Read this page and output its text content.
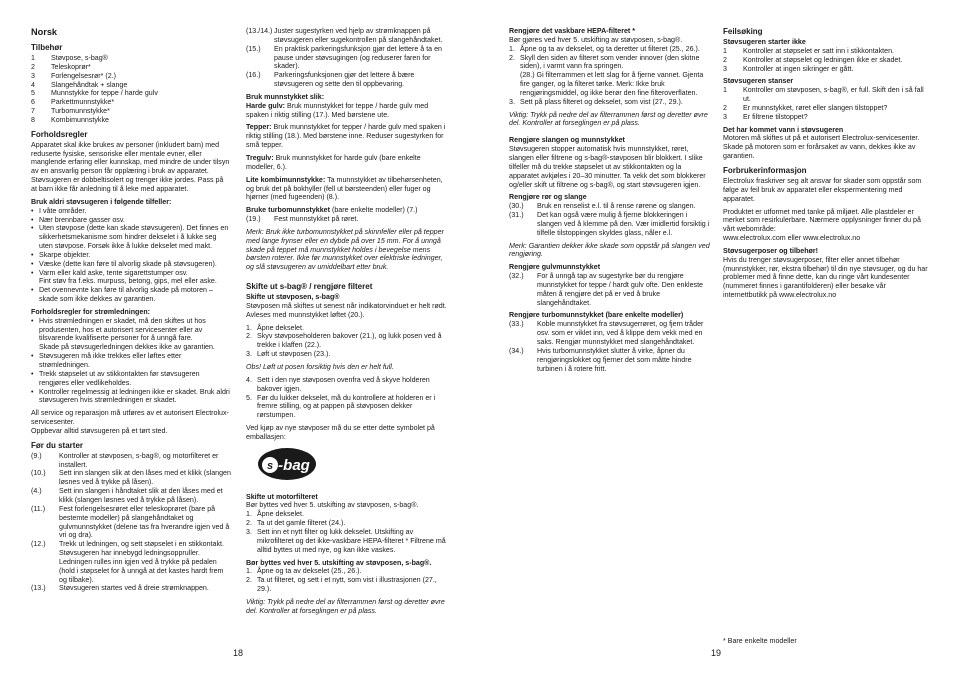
Norsk
Tilbehør
1	Støvpose, s-bag®
2	Teleskoprør*
3	Forlengelsesrør* (2.)
4	Slangehåndtak + slange
5	Munnstykke for teppe / harde gulv
6	Parkettmunnstykke*
7	Turbomunnstykke*
8	Kombimunnstykke
Forholdsregler

Apparatet skal ikke brukes av personer (inkludert barn) med reduserte fysiske, sensoriske eller mentale evner, eller manglende erfaring eller kunnskap, med mindre de under tilsyn av en ansvarlig person får opplæring i bruk av apparatet. Støvsugeren er dobbeltisolert og trenger ikke jordes. Pass på at barn ikke får anledning til å leke med apparatet.

Bruk aldri støvsugeren i følgende tilfeller:
• I våte områder.
• Nær brennbare gasser osv.
• Uten støvpose (dette kan skade støvsugeren). Det finnes en sikkerhetsmekanisme som hindrer dekselet i å lukke seg uten støvpose. Forsøk ikke å lukke dekselet med makt.
• Skarpe objekter.
• Væske (dette kan føre til alvorlig skade på støvsugeren).
• Varm eller kald aske, tente sigarettstumper osv.
Fint støv fra f.eks. murpuss, betong, gips, mel eller aske.
• Det ovennevnte kan føre til alvorlig skade på motoren – skade som ikke dekkes av garantien.
Forholdsregler for strømledningen:
• Hvis strømledningen er skadet, må den skiftes ut hos produsenten, hos et autorisert servicesenter eller av tilsvarende kvalifiserte personer for å unngå fare.
Skade på støvsugerledningen dekkes ikke av garantien.
• Støvsugeren må ikke trekkes eller løftes etter strømledningen.
• Trekk støpselet ut av stikkontakten før støvsugeren rengjøres eller vedlikeholdes.
• Kontroller regelmessig at ledningen ikke er skadet. Bruk aldri støvsugeren hvis strømledningen er skadet.

All service og reparasjon må utføres av et autorisert Electrolux-servicesenter.

Oppbevar alltid støvsugeren på et tørt sted.

Før du starter
(9.)	Kontroller at støvposen, s-bag®, og motorfilteret er installert.
(10.)	Sett inn slangen slik at den låses med et klikk (slangen løsnes ved å trykke på låsen).
(4.)	Sett inn slangen i håndtaket slik at den låses med et klikk (slangen løsnes ved å trykke på låsen).
(11.)	Fest forlengelsesrøret eller teleskoprøret (bare på bestemte modeller) på slangehåndtaket og gulvmunnstykket (delene tas fra hverandre igjen ved å vri og dra).
(12.)	Trekk ut ledningen, og sett støpselet i en stikkontakt. Støvsugeren har innebygd ledningsoppruller. Ledningen rulles inn igjen ved å trykke på pedalen (hold i støpselet for å unngå at det kastes hardt frem og tilbake).
(13.)	Støvsugeren startes ved å dreie strømknappen.
(13./14.) Juster sugestyrken ved hjelp av strømknappen på støvsugeren eller sugekontrollen på slangehåndtaket.
(15.)	En praktisk parkeringsfunksjon gjør det lettere å ta en pause under støvsugingen (og reduserer faren for skader).
(16.)	Parkeringsfunksjonen gjør det lettere å bære støvsugeren og sette den til oppbevaring.
Bruk munnstykket slik:

Harde gulv: Bruk munnstykket for teppe / harde gulv med spaken i riktig stilling (17.). Med børstene ute.

Tepper: Bruk munnstykket for tepper / harde gulv med spaken i riktig stilling (18.). Med børstene inne. Reduser sugestyrken for små tepper.

Tregulv: Bruk munnstykket for harde gulv (bare enkelte modeller, 6.).

Lite kombimunnstykke: Ta munnstykket av tilbehørsenheten, og bruk det på bokhyller (fell ut børsteenden) eller fuger og hjørner (med fugeenden) (8.).

Bruke turbomunnstykket (bare enkelte modeller) (7.)

(19.)	Fest munnstykket på røret.

Merk: Bruk ikke turbomunnstykket på skinnfeller eller på tepper med lange frynser eller en dybde på over 15 mm. For å unngå skade på teppet må munnstykket holdes i bevegelse mens børsten roterer. Ikke før munnstykket over elektriske ledninger, og slå støvsugeren av umiddelbart etter bruk.

Skifte ut s-bag® / rengjøre filteret
Skifte ut støvposen, s-bag®

Støvposen må skiftes ut senest når indikatorvinduet er helt rødt. Avleses med munnstykket løftet (20.).

1. Åpne dekselet.
2. Skyv støvposeholderen bakover (21.), og lukk posen ved å trekke i klaffen (22.).
3. Løft ut støvposen (23.).

Obs! Løft ut posen forsiktig hvis den er helt full.

4. Sett i den nye støvposen ovenfra ved å skyve holderen bakover igjen.
5. Før du lukker dekselet, må du kontrollere at holderen er i fremre stilling, og at pappen på støvposen dekker rørstumpen.

Ved kjøp av nye støvposer må du se etter dette symbolet på emballasjen:

s -bag
®
Skifte ut motorfilteret

Bør byttes ved hver 5. utskifting av støvposen, s-bag®.

1. Åpne dekselet.
2. Ta ut det gamle filteret (24.).
3. Sett inn et nytt filter og lukk dekselet. Utskifting av mikrofilteret og det ikke-vaskbare HEPA-filteret * Filtrene må alltid byttes ut med nye, og kan ikke vaskes.
Bør byttes ved hver 5. utskifting av støvposen, s-bag®.
1. Åpne og ta av dekselet (25., 26.).
2. Ta ut filteret, og sett i et nytt, som vist i illustrasjonen (27., 29.).

Viktig: Trykk på nedre del av filterrammen først og deretter øvre del. Kontroller at forseglingen er på plass.

Rengjøre det vaskbare HEPA-filteret *

Bør gjøres ved hver 5. utskifting av støvposen, s-bag®.

1. Åpne og ta av dekselet, og ta deretter ut filteret (25., 26.).
2. Skyll den siden av filteret som vender innover (den skitne siden), i varmt vann fra springen.
(28.) Gi filterrammen et lett slag for å fjerne vannet. Gjenta fire ganger, og la filteret tørke. Merk: Ikke bruk rengjøringsmiddel, og ikke berør den fine filteroverflaten.
3. Sett på plass filteret og dekselet, som vist (27., 29.).

Viktig: Trykk på nedre del av filterrammen først og deretter øvre del. Kontroller at forseglingen er på plass.

Rengjøre slangen og munnstykket

Støvsugeren stopper automatisk hvis munnstykket, røret, slangen eller filtrene og s-bag®-støvposen blir blokkert. I slike tilfeller må du trekke støpselet ut av stikkontakten og la apparatet avkjøles i 20–30 minutter. Ta vekk det som blokkerer og/eller skift ut filtrene og s-bag®, og start støvsugeren igjen.

Rengjøre rør og slange
(30.)	Bruk en renselist e.l. til å rense rørene og slangen.
(31.)	Det kan også være mulig å fjerne blokkeringen i slangen ved å klemme på den. Vær imidlertid forsiktig i tilfelle tilstoppingen skyldes glass, nåler e.l.

Merk: Garantien dekker ikke skade som oppstår på slangen ved rengjøring.

Rengjøre gulvmunnstykket
(32.)	For å unngå tap av sugestyrke bør du rengjøre munnstykket for teppe / hardt gulv ofte. Den enkleste måten å rengjøre det på er ved å bruke slangehåndtaket.
Rengjøre turbomunnstykket (bare enkelte modeller)
(33.)	Koble munnstykket fra støvsugerrøret, og fjern tråder osv. som er viklet inn, ved å klippe dem vekk med en saks. Rengjør munnstykket med slangehåndtaket.
(34.)	Hvis turbomunnstykket slutter å virke, åpner du rengjøringslokket og fjerner det som måtte hindre turbinen i å rotere fritt.
Feilsøking
Støvsugeren starter ikke
1	Kontroller at støpselet er satt inn i stikkontakten.
2	Kontroller at støpselet og ledningen ikke er skadet.
3	Kontroller at ingen sikringer er gått.
Støvsugeren stanser
1	Kontroller om støvposen, s-bag®, er full. Skift den i så fall ut.
2	Er munnstykket, røret eller slangen tilstoppet?
3	Er filtrene tilstoppet?
Det har kommet vann i støvsugeren

Motoren må skiftes ut på et autorisert Electrolux-servicesenter. Skade på motoren som er forårsaket av vann, dekkes ikke av garantien.

Forbrukerinformasjon

Electrolux fraskriver seg alt ansvar for skader som oppstår som følge av feil bruk av apparatet eller ekspermentering med apparatet.

Produktet er utformet med tanke på miljøet. Alle plastdeler er merket som resirkulerbare. Nærmere opplysninger finner du på vårt webområde:

www.electrolux.com eller www.electrolux.no

Støvsugerposer og tilbehør!

Hvis du trenger støvsugerposer, filter eller annet tilbehør (munnstykker, rør, ekstra tilbehør) til din nye støvsuger, og du har problemer med å finne dette, kan du ringe vårt kundesenter (nummeret finnes i garantifolderen) eller besøke vår internettbutikk på www.electrolux.no

* Bare enkelte modeller
18	19
